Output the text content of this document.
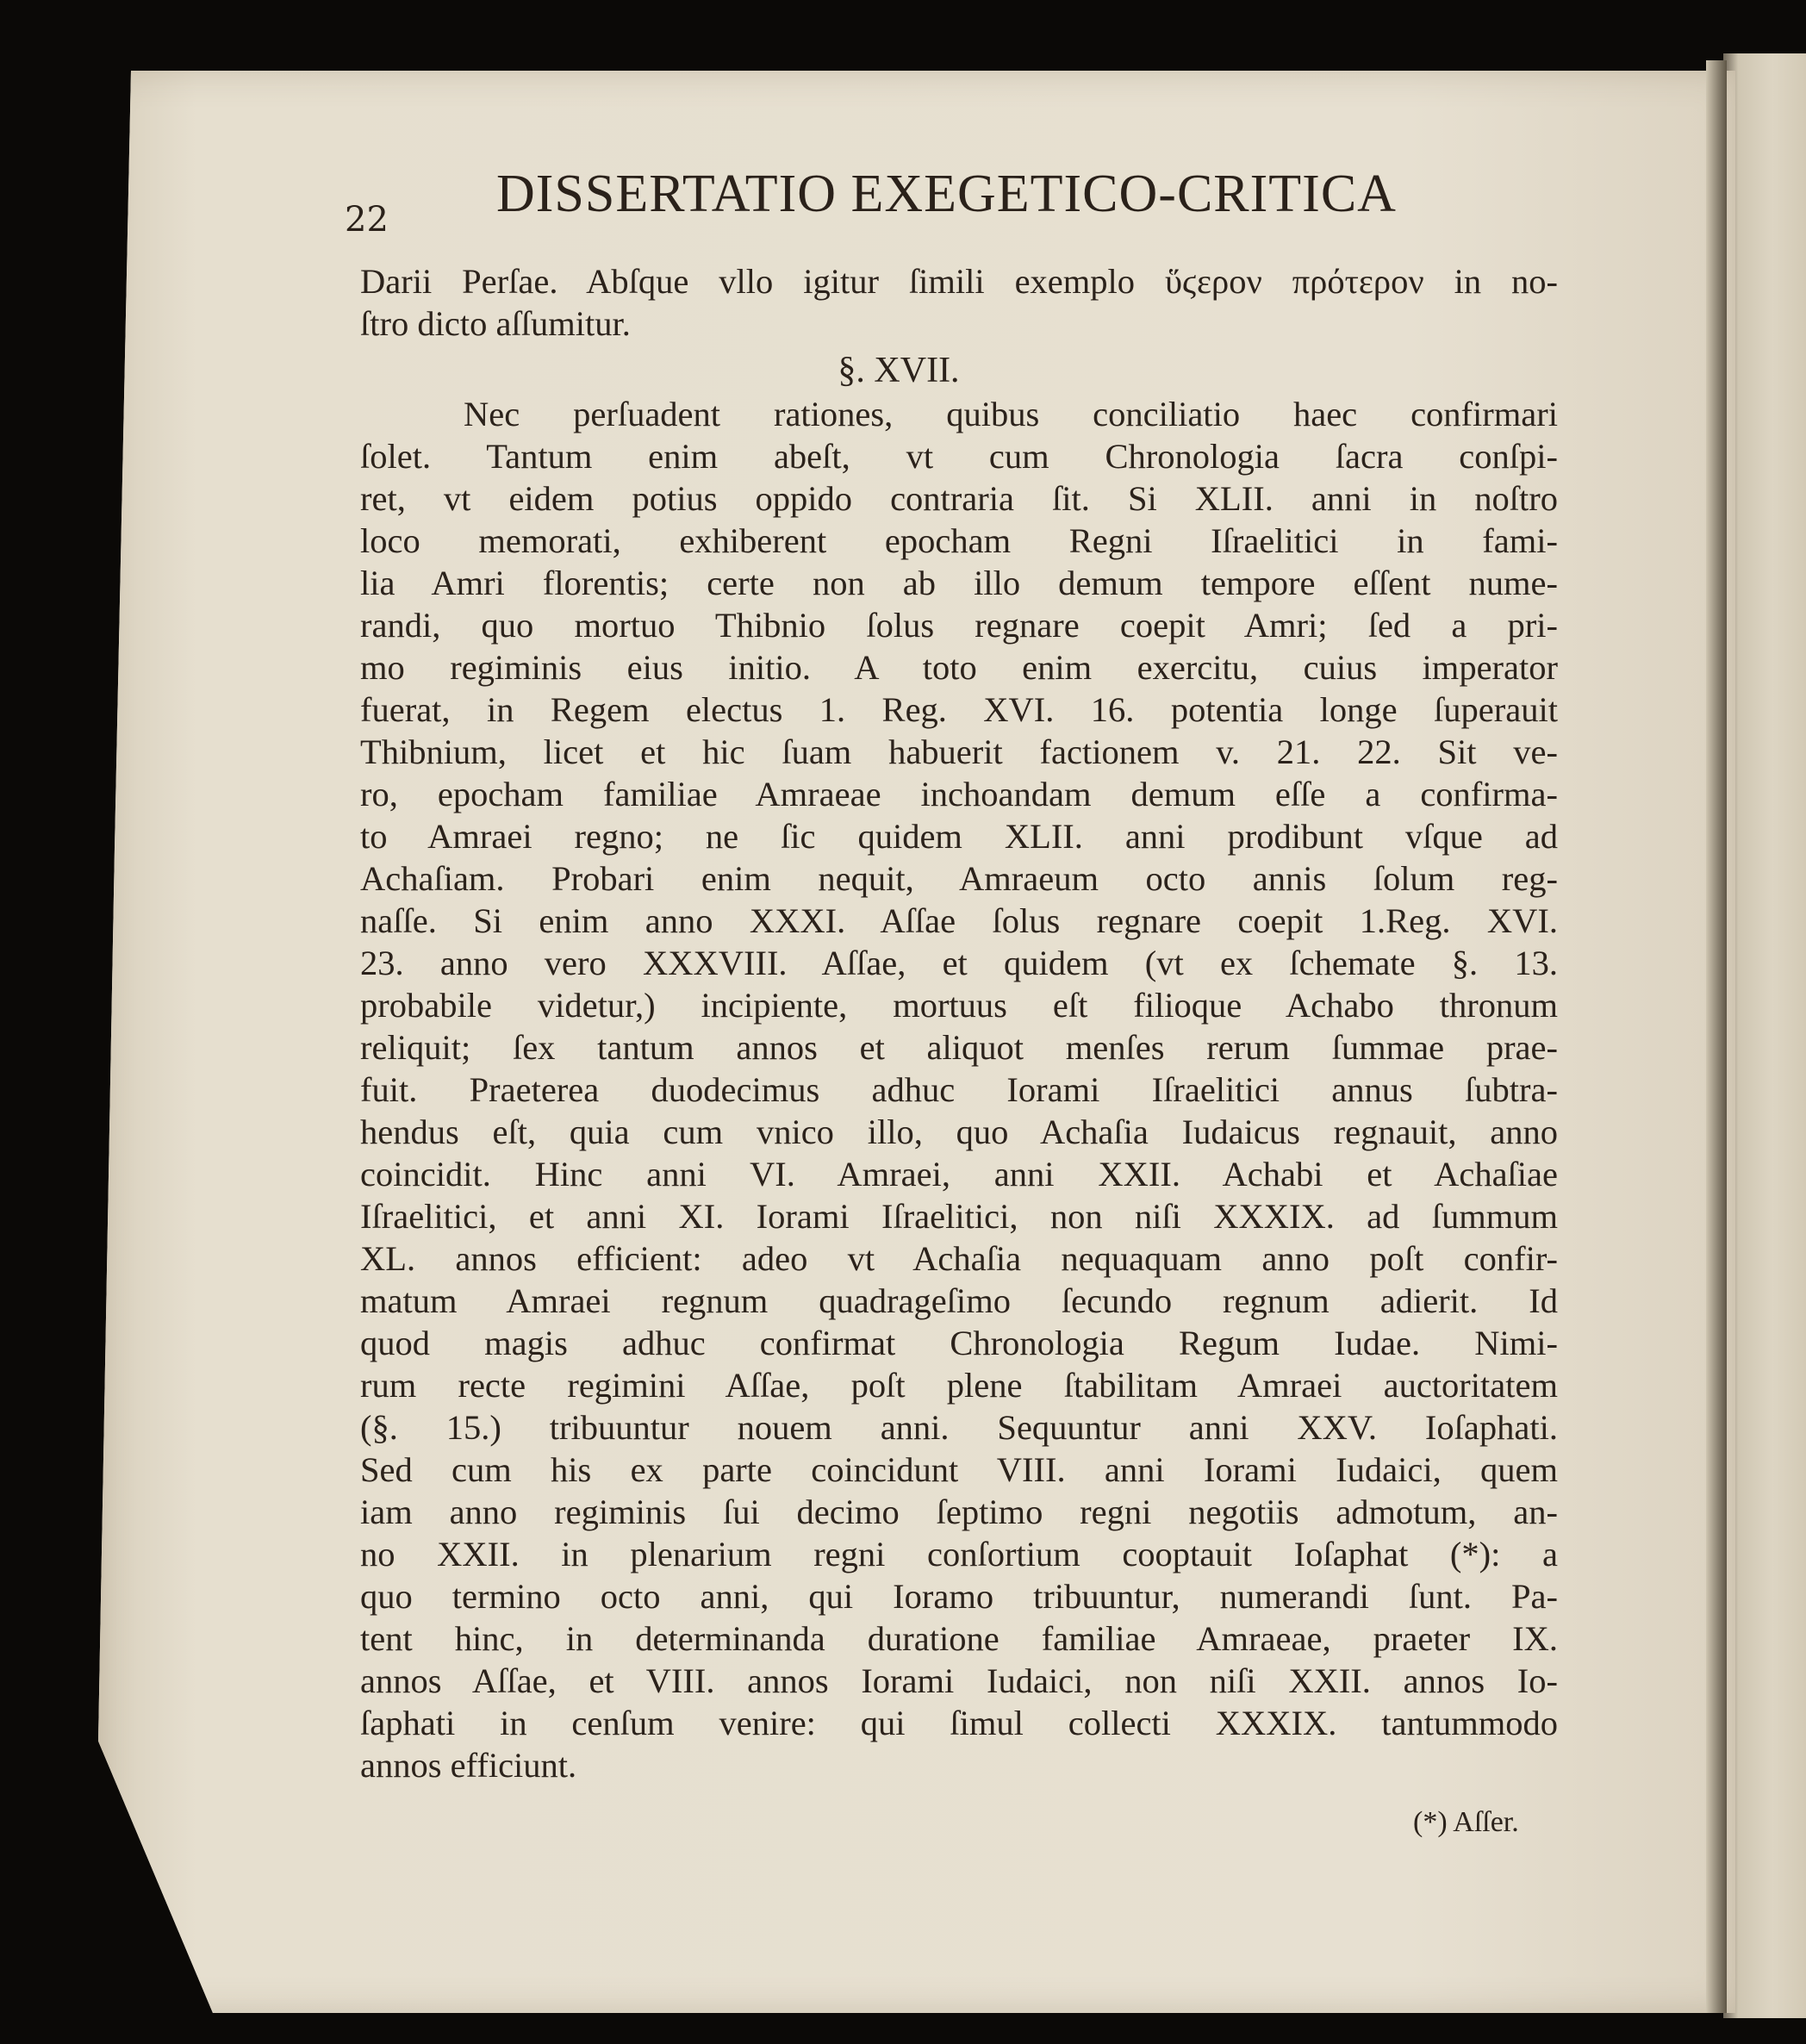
22 DISSERTATIO EXEGETICO-CRITICA
Darii Perſae. Abſque vllo igitur ſimili exemplo ὕϛερον πρότερον in no-
ſtro dicto aſſumitur.
§. XVII.
Nec perſuadent rationes, quibus conciliatio haec confirmari
ſolet. Tantum enim abeſt, vt cum Chronologia ſacra conſpi-
ret, vt eidem potius oppido contraria ſit. Si XLII. anni in noſtro
loco memorati, exhiberent epocham Regni Iſraelitici in fami-
lia Amri florentis; certe non ab illo demum tempore eſſent nume-
randi, quo mortuo Thibnio ſolus regnare coepit Amri; ſed a pri-
mo regiminis eius initio. A toto enim exercitu, cuius imperator
fuerat, in Regem electus 1. Reg. XVI. 16. potentia longe ſuperauit
Thibnium, licet et hic ſuam habuerit factionem v. 21. 22. Sit ve-
ro, epocham familiae Amraeae inchoandam demum eſſe a confirma-
to Amraei regno; ne ſic quidem XLII. anni prodibunt vſque ad
Achaſiam. Probari enim nequit, Amraeum octo annis ſolum reg-
naſſe. Si enim anno XXXI. Aſſae ſolus regnare coepit 1.Reg. XVI.
23. anno vero XXXVIII. Aſſae, et quidem (vt ex ſchemate §. 13.
probabile videtur,) incipiente, mortuus eſt filioque Achabo thronum
reliquit; ſex tantum annos et aliquot menſes rerum ſummae prae-
fuit. Praeterea duodecimus adhuc Iorami Iſraelitici annus ſubtra-
hendus eſt, quia cum vnico illo, quo Achaſia Iudaicus regnauit, anno
coincidit. Hinc anni VI. Amraei, anni XXII. Achabi et Achaſiae
Iſraelitici, et anni XI. Iorami Iſraelitici, non niſi XXXIX. ad ſummum
XL. annos efficient: adeo vt Achaſia nequaquam anno poſt confir-
matum Amraei regnum quadrageſimo ſecundo regnum adierit. Id
quod magis adhuc confirmat Chronologia Regum Iudae. Nimi-
rum recte regimini Aſſae, poſt plene ſtabilitam Amraei auctoritatem
(§. 15.) tribuuntur nouem anni. Sequuntur anni XXV. Ioſaphati.
Sed cum his ex parte coincidunt VIII. anni Iorami Iudaici, quem
iam anno regiminis ſui decimo ſeptimo regni negotiis admotum, an-
no XXII. in plenarium regni conſortium cooptauit Ioſaphat (*): a
quo termino octo anni, qui Ioramo tribuuntur, numerandi ſunt. Pa-
tent hinc, in determinanda duratione familiae Amraeae, praeter IX.
annos Aſſae, et VIII. annos Iorami Iudaici, non niſi XXII. annos Io-
ſaphati in cenſum venire: qui ſimul collecti XXXIX. tantummodo
annos efficiunt.
(*) Aſſer.
